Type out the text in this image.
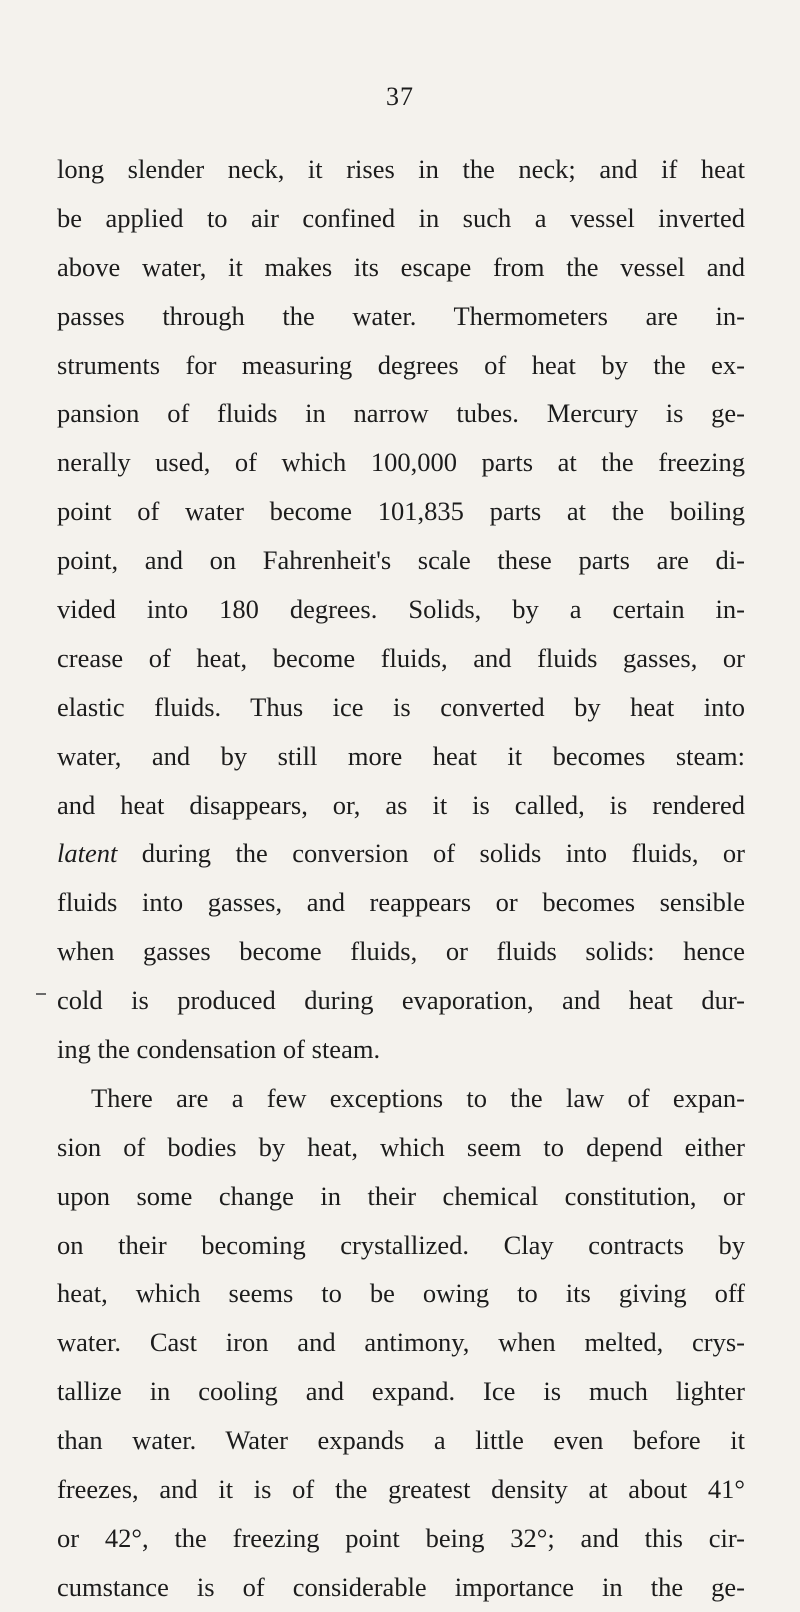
37
long slender neck, it rises in the neck; and if heat
be applied to air confined in such a vessel inverted
above water, it makes its escape from the vessel and
passes through the water. Thermometers are in-
struments for measuring degrees of heat by the ex-
pansion of fluids in narrow tubes. Mercury is ge-
nerally used, of which 100,000 parts at the freezing
point of water become 101,835 parts at the boiling
point, and on Fahrenheit's scale these parts are di-
vided into 180 degrees. Solids, by a certain in-
crease of heat, become fluids, and fluids gasses, or
elastic fluids. Thus ice is converted by heat into
water, and by still more heat it becomes steam:
and heat disappears, or, as it is called, is rendered
latent during the conversion of solids into fluids, or
fluids into gasses, and reappears or becomes sensible
when gasses become fluids, or fluids solids: hence
cold is produced during evaporation, and heat dur-
ing the condensation of steam.
There are a few exceptions to the law of expan-
sion of bodies by heat, which seem to depend either
upon some change in their chemical constitution, or
on their becoming crystallized. Clay contracts by
heat, which seems to be owing to its giving off
water. Cast iron and antimony, when melted, crys-
tallize in cooling and expand. Ice is much lighter
than water. Water expands a little even before it
freezes, and it is of the greatest density at about 41°
or 42°, the freezing point being 32°; and this cir-
cumstance is of considerable importance in the ge-
